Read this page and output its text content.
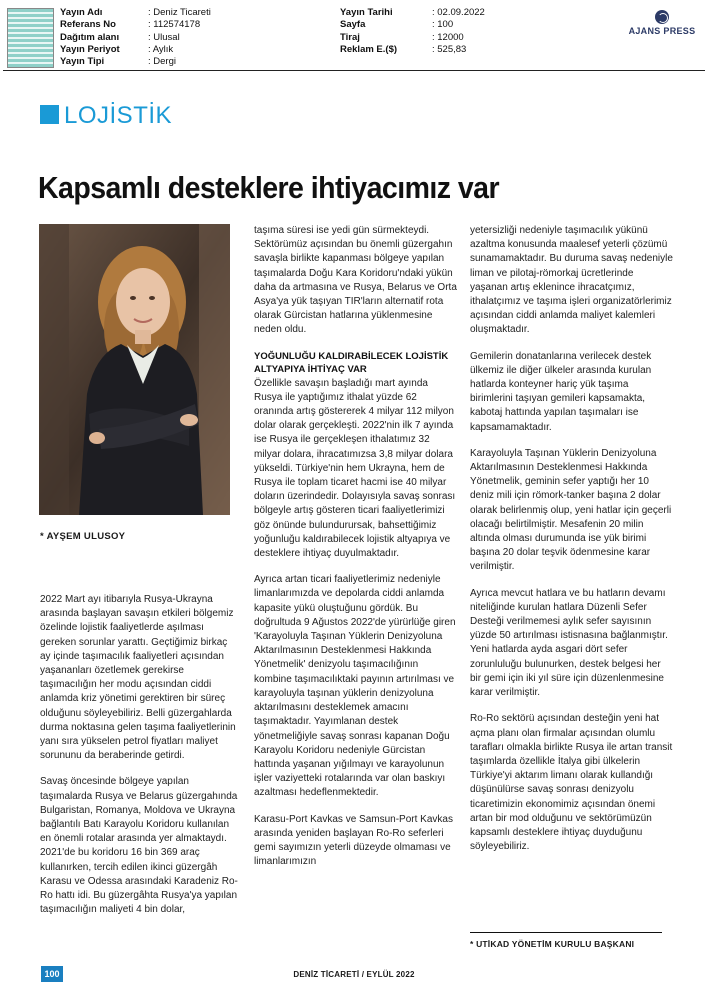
Yayın Adı	: Deniz Ticareti
Referans No	: 112574178
Dağıtım alanı	: Ulusal
Yayın Periyot	: Aylık
Yayın Tipi	: Dergi
Yayın Tarihi	: 02.09.2022
Sayfa	: 100
Tiraj	: 12000
Reklam E.($)	: 525,83
AJANS PRESS
LOJİSTİK
Kapsamlı desteklere ihtiyacımız var
* AYŞEM ULUSOY

2022 Mart ayı itibarıyla Rusya-Ukrayna arasında başlayan savaşın etkileri bölgemiz özelinde lojistik faaliyetlerde aşılması gereken sorunlar yarattı. Geçtiğimiz birkaç ay içinde taşımacılık faaliyetleri açısından yaşananları özetlemek gerekirse taşımacılığın her modu açısından ciddi anlamda kriz yönetimi gerektiren bir süreç olduğunu söyleyebiliriz. Belli güzergahlarda durma noktasına gelen taşıma faaliyetlerinin yanı sıra yükselen petrol fiyatları maliyet sorununu da beraberinde getirdi.

Savaş öncesinde bölgeye yapılan taşımalarda Rusya ve Belarus güzergahında Bulgaristan, Romanya, Moldova ve Ukrayna bağlantılı Batı Karayolu Koridoru kullanılan en önemli rotalar arasında yer almaktaydı. 2021'de bu koridoru 16 bin 369 araç kullanırken, tercih edilen ikinci güzergâh Karasu ve Odessa arasındaki Karadeniz Ro-Ro hattı idi. Bu güzergâhta Rusya'ya yapılan taşımacılığın maliyeti 4 bin dolar,

taşıma süresi ise yedi gün sürmekteydi. Sektörümüz açısından bu önemli güzergahın savaşla birlikte kapanması bölgeye yapılan taşımalarda Doğu Kara Koridoru'ndaki yükün daha da artmasına ve Rusya, Belarus ve Orta Asya'ya yük taşıyan TIR'ların alternatif rota olarak Gürcistan hatlarına yüklenmesine neden oldu.

YOĞUNLUĞU KALDIRABİLECEK LOJİSTİK ALTYAPIYA İHTİYAÇ VAR

Özellikle savaşın başladığı mart ayında Rusya ile yaptığımız ithalat yüzde 62 oranında artış göstererek 4 milyar 112 milyon dolar olarak gerçekleşti. 2022'nin ilk 7 ayında ise Rusya ile gerçekleşen ithalatımız 32 milyar dolara, ihracatımızsa 3,8 milyar dolara yükseldi. Türkiye'nin hem Ukrayna, hem de Rusya ile toplam ticaret hacmi ise 40 milyar doların üzerindedir. Dolayısıyla savaş sonrası bölgeyle artış gösteren ticari faaliyetlerimizi göz önünde bulundurursak, bahsettiğimiz yoğunluğu kaldırabilecek lojistik altyapıya ve desteklere ihtiyaç duyulmaktadır.

Ayrıca artan ticari faaliyetlerimiz nedeniyle limanlarımızda ve depolarda ciddi anlamda kapasite yükü oluştuğunu gördük. Bu doğrultuda 9 Ağustos 2022'de yürürlüğe giren 'Karayoluyla Taşınan Yüklerin Denizyoluna Aktarılmasının Desteklenmesi Hakkında Yönetmelik' denizyolu taşımacılığının kombine taşımacılıktaki payının artırılması ve karayoluyla taşınan yüklerin denizyoluna aktarılmasını desteklemek amacını taşımaktadır. Yayımlanan destek yönetmeliğiyle savaş sonrası kapanan Doğu Karayolu Koridoru nedeniyle Gürcistan hattında yaşanan yığılmayı ve karayolunun işler vaziyetteki rotalarında var olan baskıyı azaltması hedeflenmektedir.

Karasu-Port Kavkas ve Samsun-Port Kavkas arasında yeniden başlayan Ro-Ro seferleri gemi sayımızın yeterli düzeyde olmaması ve limanlarımızın

yetersizliği nedeniyle taşımacılık yükünü azaltma konusunda maalesef yeterli çözümü sunamamaktadır. Bu duruma savaş nedeniyle liman ve pilotaj-römorkaj ücretlerinde yaşanan artış eklenince ihracatçımız, ithalatçımız ve taşıma işleri organizatörlerimiz açısından ciddi anlamda maliyet kalemleri oluşmaktadır.

Gemilerin donatanlarına verilecek destek ülkemiz ile diğer ülkeler arasında kurulan hatlarda konteyner hariç yük taşıma birimlerini taşıyan gemileri kapsamakta, kabotaj hattında yapılan taşımaları ise kapsamamaktadır.

Karayoluyla Taşınan Yüklerin Denizyoluna Aktarılmasının Desteklenmesi Hakkında Yönetmelik, geminin sefer yaptığı her 10 deniz mili için römork-tanker başına 2 dolar olarak belirlenmiş olup, yeni hatlar için geçerli olacağı belirtilmiştir. Mesafenin 20 milin altında olması durumunda ise yük birimi başına 20 dolar teşvik ödenmesine karar verilmiştir.

Ayrıca mevcut hatlara ve bu hatların devamı niteliğinde kurulan hatlara Düzenli Sefer Desteği verilmemesi aylık sefer sayısının yüzde 50 artırılması istisnasına bağlanmıştır. Yeni hatlarda ayda asgari dört sefer zorunluluğu bulunurken, destek belgesi her bir gemi için iki yıl süre için düzenlenmesine karar verilmiştir.

Ro-Ro sektörü açısından desteğin yeni hat açma planı olan firmalar açısından olumlu tarafları olmakla birlikte Rusya ile artan transit taşımlarda özellikle İtalya gibi ülkelerin Türkiye'yi aktarım limanı olarak kullandığı düşünülürse savaş sonrası denizyolu ticaretimizin ekonomimiz açısından önemi artan bir mod olduğunu ve sektörümüzün kapsamlı desteklere ihtiyaç duyduğunu söyleyebiliriz.

* UTİKAD YÖNETİM KURULU BAŞKANI
100	DENİZ TİCARETİ / EYLÜL 2022
